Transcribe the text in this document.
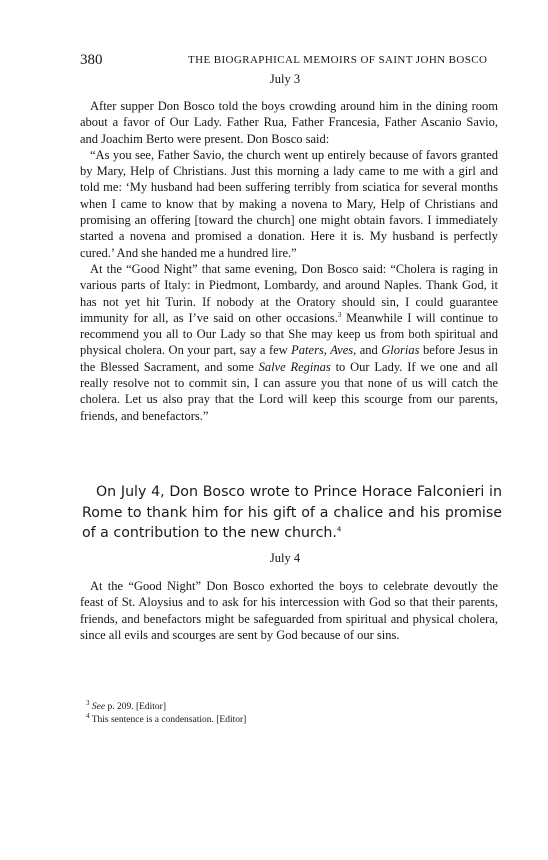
380	THE BIOGRAPHICAL MEMOIRS OF SAINT JOHN BOSCO
July 3

After supper Don Bosco told the boys crowding around him in the dining room about a favor of Our Lady. Father Rua, Father Francesia, Father Ascanio Savio, and Joachim Berto were present. Don Bosco said:

“As you see, Father Savio, the church went up entirely because of favors granted by Mary, Help of Christians. Just this morning a lady came to me with a girl and told me: ‘My husband had been suffering terribly from sciatica for several months when I came to know that by making a novena to Mary, Help of Christians and promising an offering [toward the church] one might obtain favors. I immediately started a novena and promised a donation. Here it is. My husband is perfectly cured.’ And she handed me a hundred lire.”

At the “Good Night” that same evening, Don Bosco said: “Cholera is raging in various parts of Italy: in Piedmont, Lombardy, and around Naples. Thank God, it has not yet hit Turin. If nobody at the Oratory should sin, I could guarantee immunity for all, as I’ve said on other occasions.$^3$ Meanwhile I will continue to recommend you all to Our Lady so that She may keep us from both spiritual and physical cholera. On your part, say a few Paters, Aves, and Glorias before Jesus in the Blessed Sacrament, and some Salve Reginas to Our Lady. If we one and all really resolve not to commit sin, I can assure you that none of us will catch the cholera. Let us also pray that the Lord will keep this scourge from our parents, friends, and benefactors.”

On July 4, Don Bosco wrote to Prince Horace Falconieri in Rome to thank him for his gift of a chalice and his promise of a contribution to the new church.$^4$

July 4

At the “Good Night” Don Bosco exhorted the boys to celebrate devoutly the feast of St. Aloysius and to ask for his intercession with God so that their parents, friends, and benefactors might be safeguarded from spiritual and physical cholera, since all evils and scourges are sent by God because of our sins.

$^3$ See p. 209. [Editor]

$^4$ This sentence is a condensation. [Editor]
